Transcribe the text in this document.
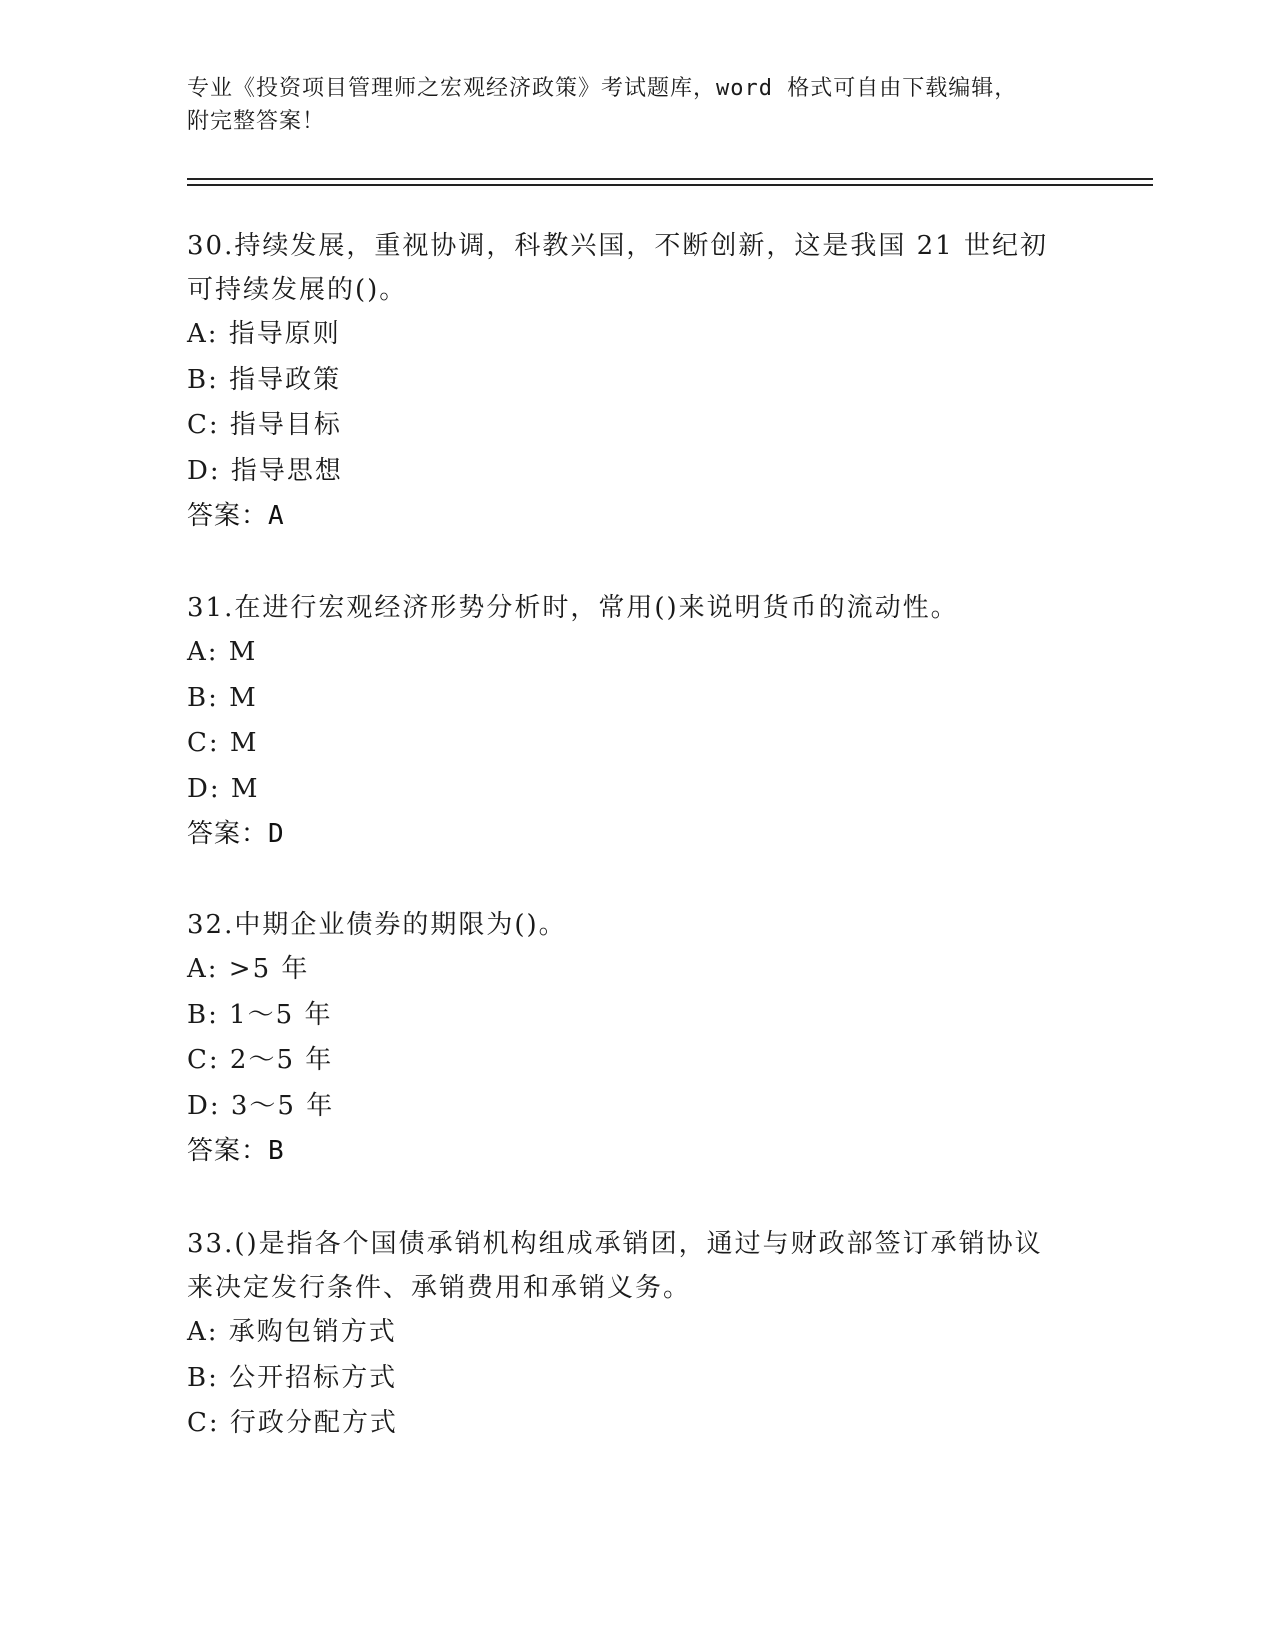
专业《投资项目管理师之宏观经济政策》考试题库，word 格式可自由下载编辑，
附完整答案！

30.持续发展，重视协调，科教兴国，不断创新，这是我国 21 世纪初

可持续发展的()。

A: 指导原则

B: 指导政策

C: 指导目标

D: 指导思想

答案：A

31.在进行宏观经济形势分析时，常用()来说明货币的流动性。

A: M

B: M

C: M

D: M

答案：D

32.中期企业债券的期限为()。

A: >5 年

B: 1～5 年

C: 2～5 年

D: 3～5 年

答案：B

33.()是指各个国债承销机构组成承销团，通过与财政部签订承销协议

来决定发行条件、承销费用和承销义务。

A: 承购包销方式

B: 公开招标方式

C: 行政分配方式
